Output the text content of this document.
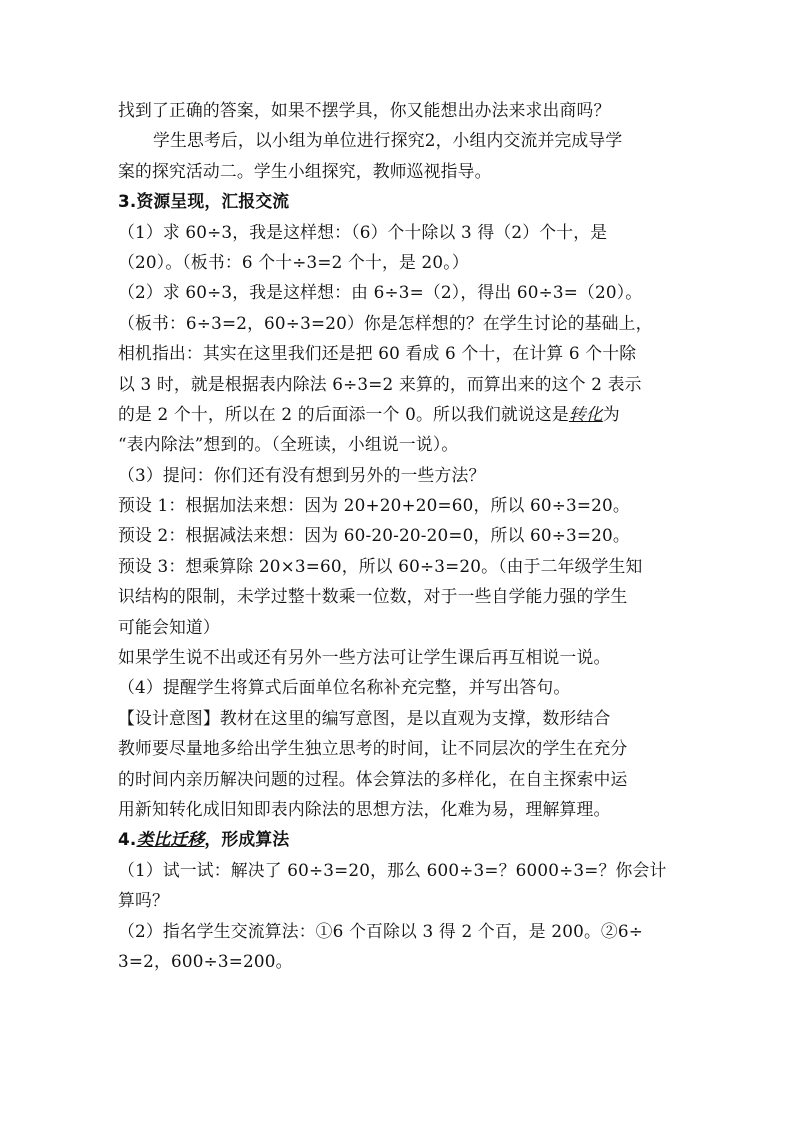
找到了正确的答案，如果不摆学具，你又能想出办法来求出商吗？
学生思考后，以小组为单位进行探究2，小组内交流并完成导学
案的探究活动二。学生小组探究，教师巡视指导。
3.资源呈现，汇报交流
（1）求 60÷3，我是这样想：（6）个十除以 3 得（2）个十，是
（20）。（板书：6 个十÷3=2 个十，是 20。）
（2）求 60÷3，我是这样想：由 6÷3=（2），得出 60÷3=（20）。
（板书：6÷3=2，60÷3=20）你是怎样想的？在学生讨论的基础上，
相机指出：其实在这里我们还是把 60 看成 6 个十，在计算 6 个十除
以 3 时，就是根据表内除法 6÷3=2 来算的，而算出来的这个 2 表示
的是 2 个十，所以在 2 的后面添一个 0。所以我们就说这是转化为
“表内除法”想到的。（全班读，小组说一说）。
（3）提问：你们还有没有想到另外的一些方法？
预设 1：根据加法来想：因为 20+20+20=60，所以 60÷3=20。
预设 2：根据减法来想：因为 60-20-20-20=0，所以 60÷3=20。
预设 3：想乘算除 20×3=60，所以 60÷3=20。（由于二年级学生知
识结构的限制，未学过整十数乘一位数，对于一些自学能力强的学生
可能会知道）
如果学生说不出或还有另外一些方法可让学生课后再互相说一说。
（4）提醒学生将算式后面单位名称补充完整，并写出答句。
【设计意图】教材在这里的编写意图，是以直观为支撑，数形结合
教师要尽量地多给出学生独立思考的时间，让不同层次的学生在充分
的时间内亲历解决问题的过程。体会算法的多样化，在自主探索中运
用新知转化成旧知即表内除法的思想方法，化难为易，理解算理。
4.类比迁移，形成算法
（1）试一试：解决了 60÷3=20，那么 600÷3=？6000÷3=？你会计
算吗？
（2）指名学生交流算法：①6 个百除以 3 得 2 个百，是 200。②6÷
3=2，600÷3=200。
